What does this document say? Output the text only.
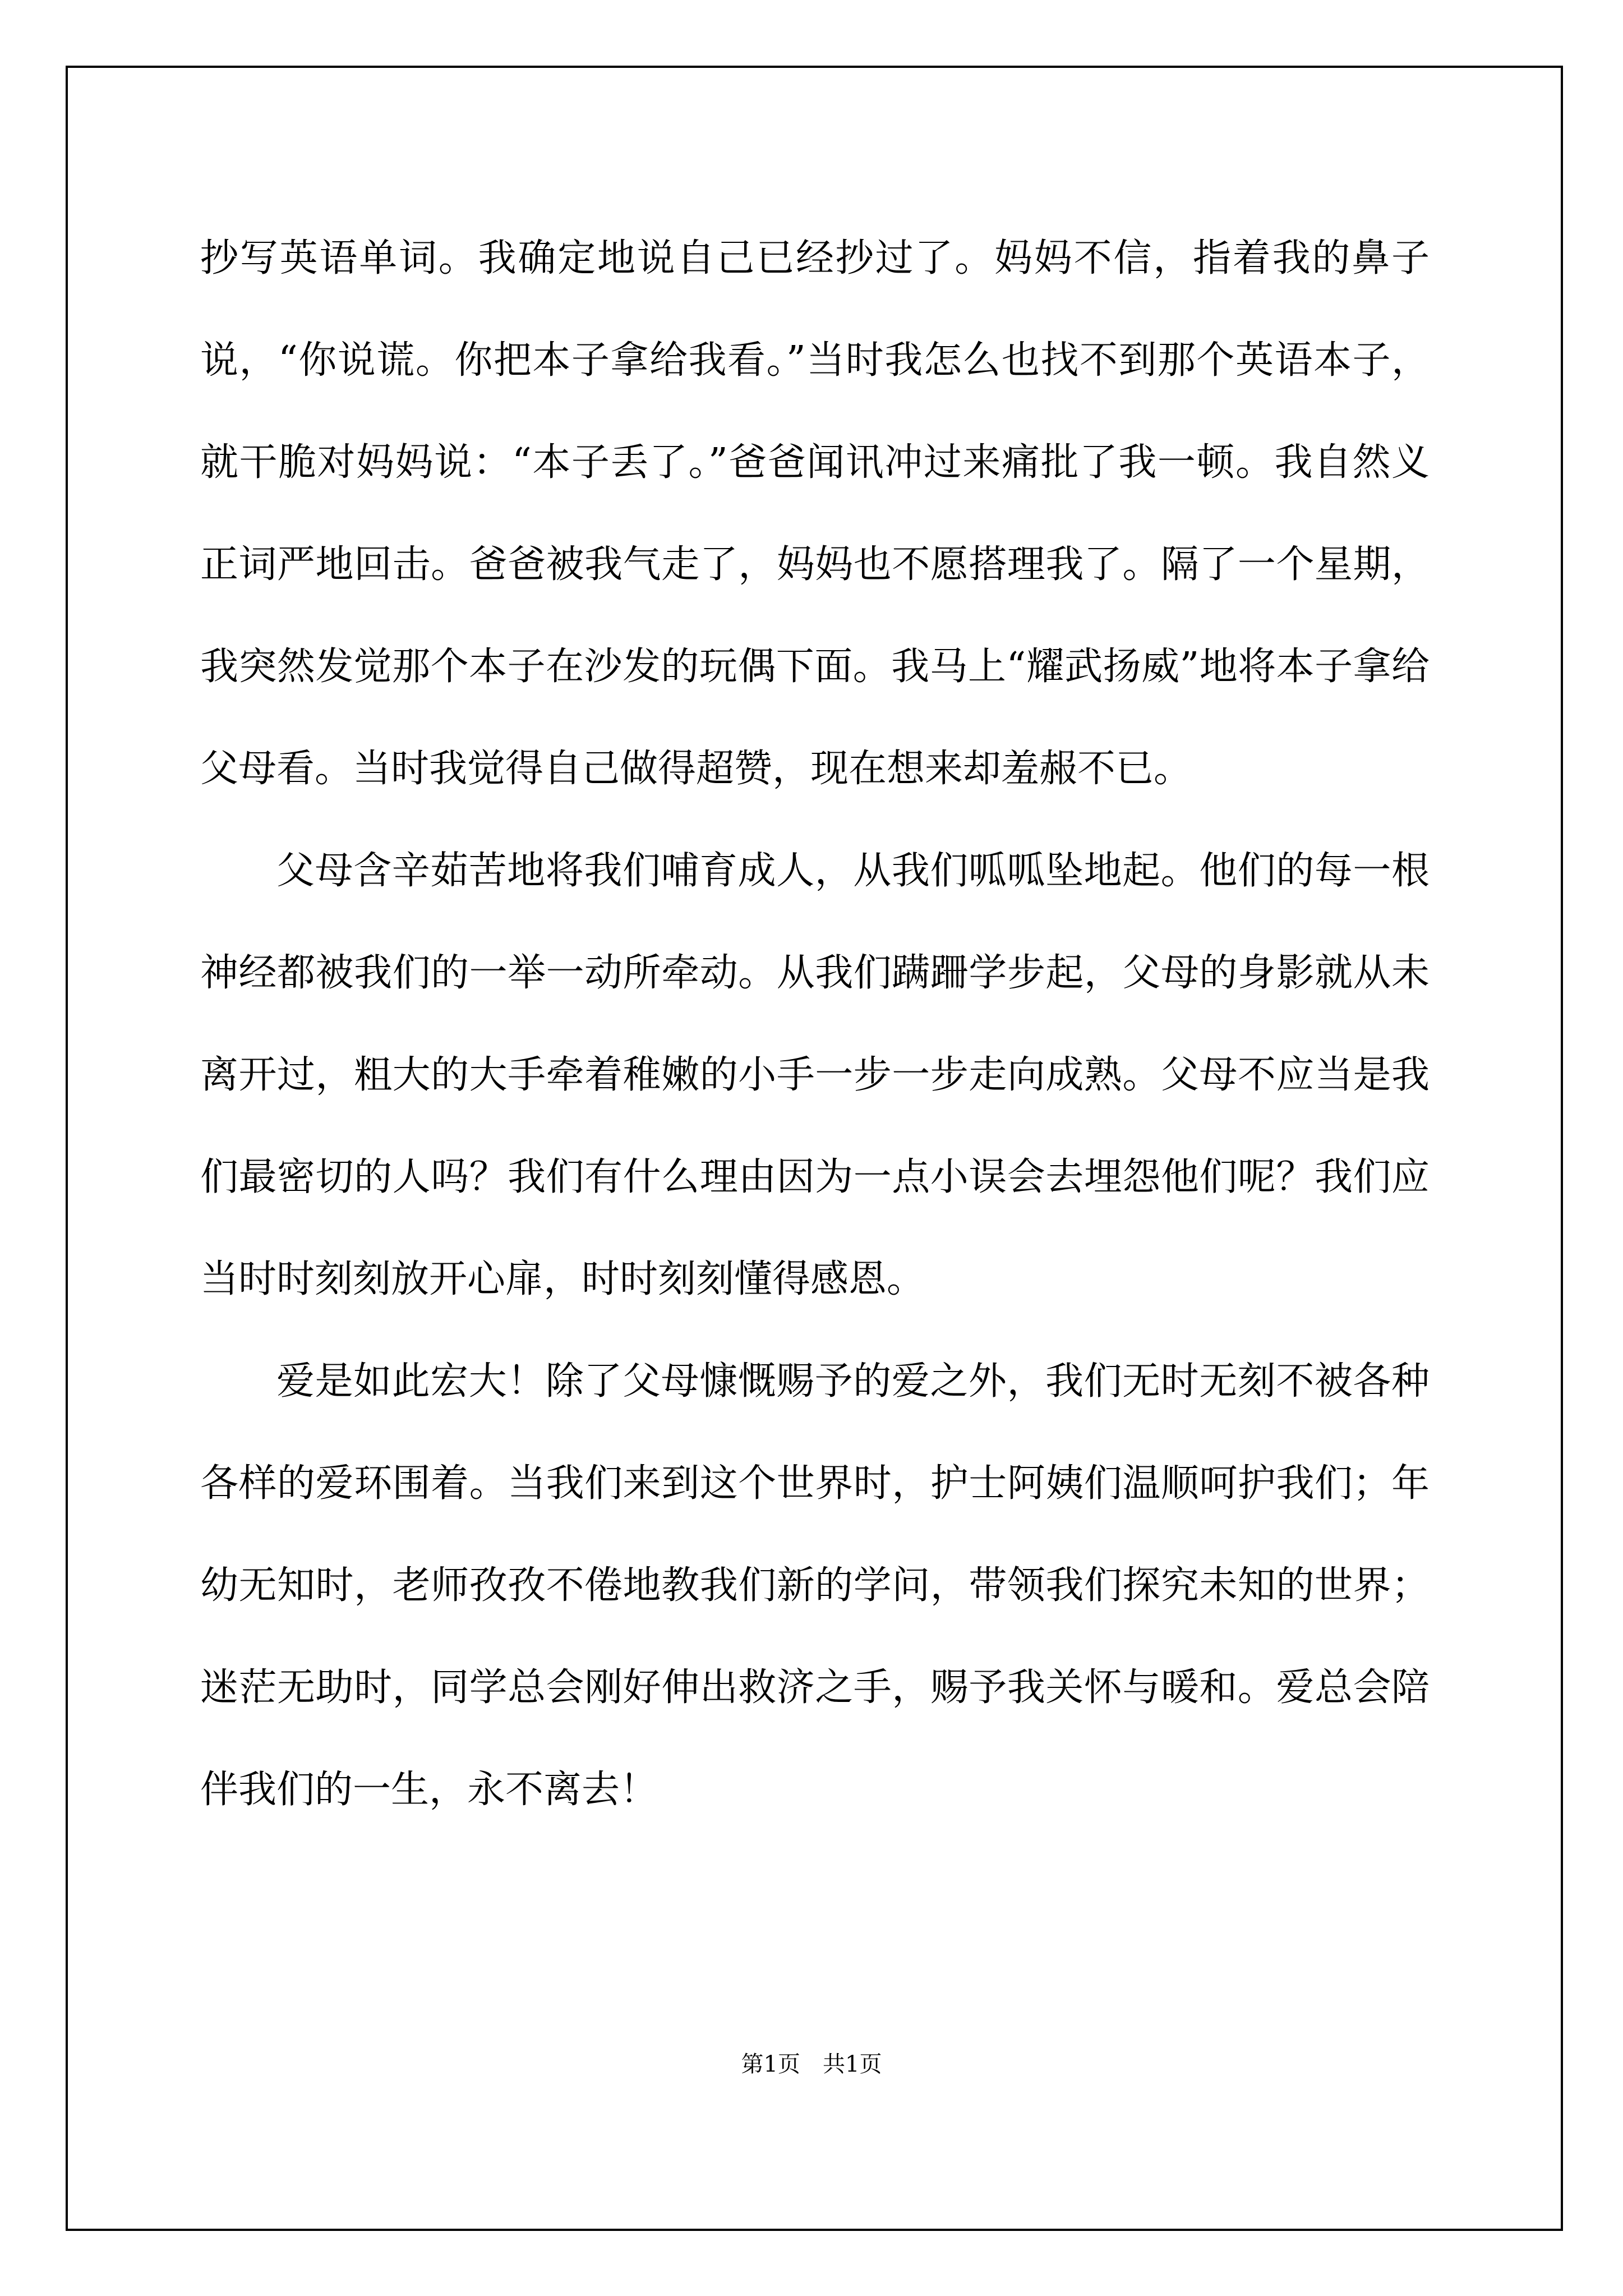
抄写英语单词。我确定地说自己已经抄过了。妈妈不信，指着我的鼻子说，“你说谎。你把本子拿给我看。”当时我怎么也找不到那个英语本子，就干脆对妈妈说：“本子丢了。”爸爸闻讯冲过来痛批了我一顿。我自然义正词严地回击。爸爸被我气走了，妈妈也不愿搭理我了。隔了一个星期，我突然发觉那个本子在沙发的玩偶下面。我马上“耀武扬威”地将本子拿给父母看。当时我觉得自己做得超赞，现在想来却羞赧不已。

父母含辛茹苦地将我们哺育成人，从我们呱呱坠地起。他们的每一根神经都被我们的一举一动所牵动。从我们蹒跚学步起，父母的身影就从未离开过，粗大的大手牵着稚嫩的小手一步一步走向成熟。父母不应当是我们最密切的人吗？我们有什么理由因为一点小误会去埋怨他们呢？我们应当时时刻刻放开心扉，时时刻刻懂得感恩。

爱是如此宏大！除了父母慷慨赐予的爱之外，我们无时无刻不被各种各样的爱环围着。当我们来到这个世界时，护士阿姨们温顺呵护我们；年幼无知时，老师孜孜不倦地教我们新的学问，带领我们探究未知的世界；迷茫无助时，同学总会刚好伸出救济之手，赐予我关怀与暖和。爱总会陪伴我们的一生，永不离去！

第1页　共1页
